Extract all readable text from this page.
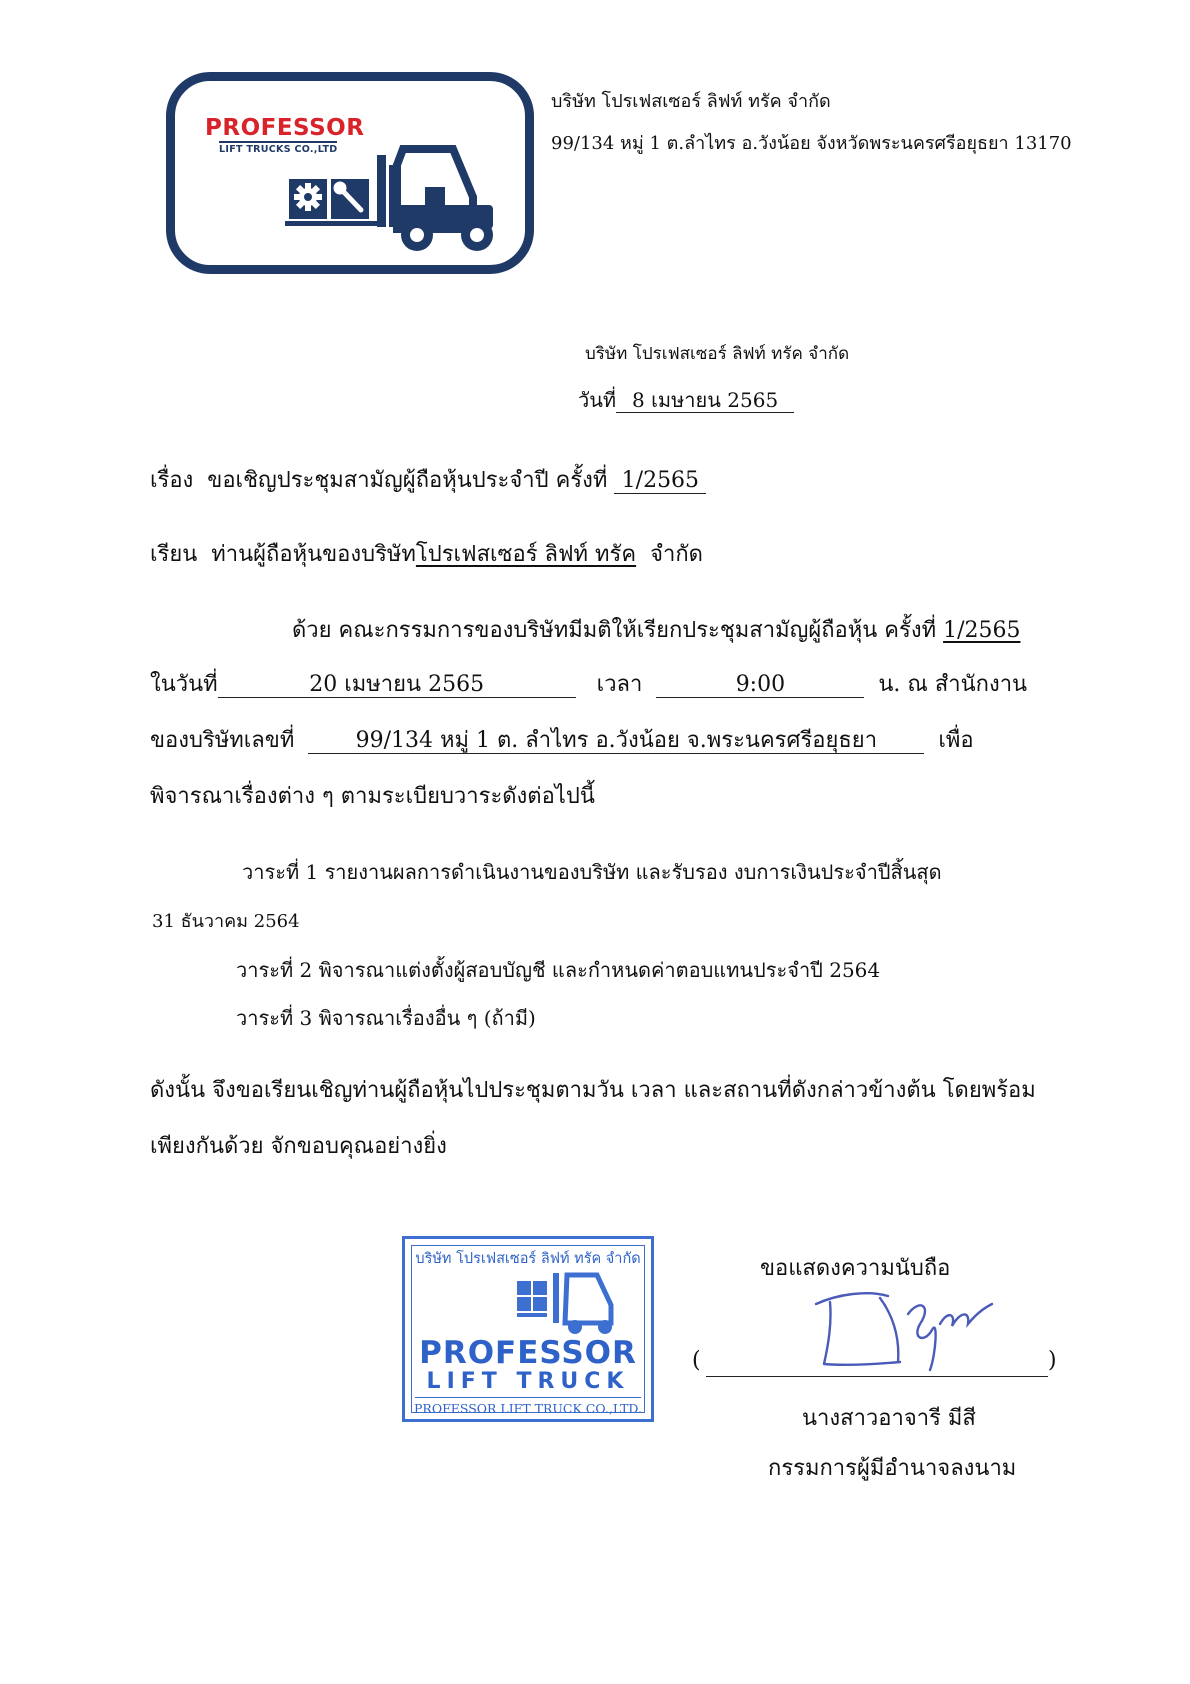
PROFESSOR
LIFT TRUCKS CO.,LTD
บริษัท โปรเฟสเซอร์ ลิฟท์ ทรัค จำกัด
99/134 หมู่ 1 ต.ลำไทร อ.วังน้อย จังหวัดพระนครศรีอยุธยา 13170
บริษัท โปรเฟสเซอร์ ลิฟท์ ทรัค จำกัด
วันที่ 8 เมษายน 2565
เรื่อง ขอเชิญประชุมสามัญผู้ถือหุ้นประจำปี ครั้งที่ 1/2565
เรียน ท่านผู้ถือหุ้นของบริษัทโปรเฟสเซอร์ ลิฟท์ ทรัค จำกัด
ด้วย คณะกรรมการของบริษัทมีมติให้เรียกประชุมสามัญผู้ถือหุ้น ครั้งที่ 1/2565
ในวันที่	20 เมษายน 2565	เวลา	9:00	น. ณ สำนักงาน
ของบริษัทเลขที่	99/134 หมู่ 1 ต. ลำไทร อ.วังน้อย จ.พระนครศรีอยุธยา	เพื่อ
พิจารณาเรื่องต่าง ๆ ตามระเบียบวาระดังต่อไปนี้
วาระที่ 1 รายงานผลการดำเนินงานของบริษัท และรับรอง งบการเงินประจำปีสิ้นสุด
31 ธันวาคม 2564
วาระที่ 2 พิจารณาแต่งตั้งผู้สอบบัญชี และกำหนดค่าตอบแทนประจำปี 2564
วาระที่ 3 พิจารณาเรื่องอื่น ๆ (ถ้ามี)
ดังนั้น จึงขอเรียนเชิญท่านผู้ถือหุ้นไปประชุมตามวัน เวลา และสถานที่ดังกล่าวข้างต้น โดยพร้อม
เพียงกันด้วย จักขอบคุณอย่างยิ่ง
บริษัท โปรเฟสเซอร์ ลิฟท์ ทรัค จำกัด
PROFESSOR
LIFT TRUCK
PROFESSOR LIFT TRUCK CO.,LTD.
ขอแสดงความนับถือ
(	)
นางสาวอาจารี มีสี
กรรมการผู้มีอำนาจลงนาม
